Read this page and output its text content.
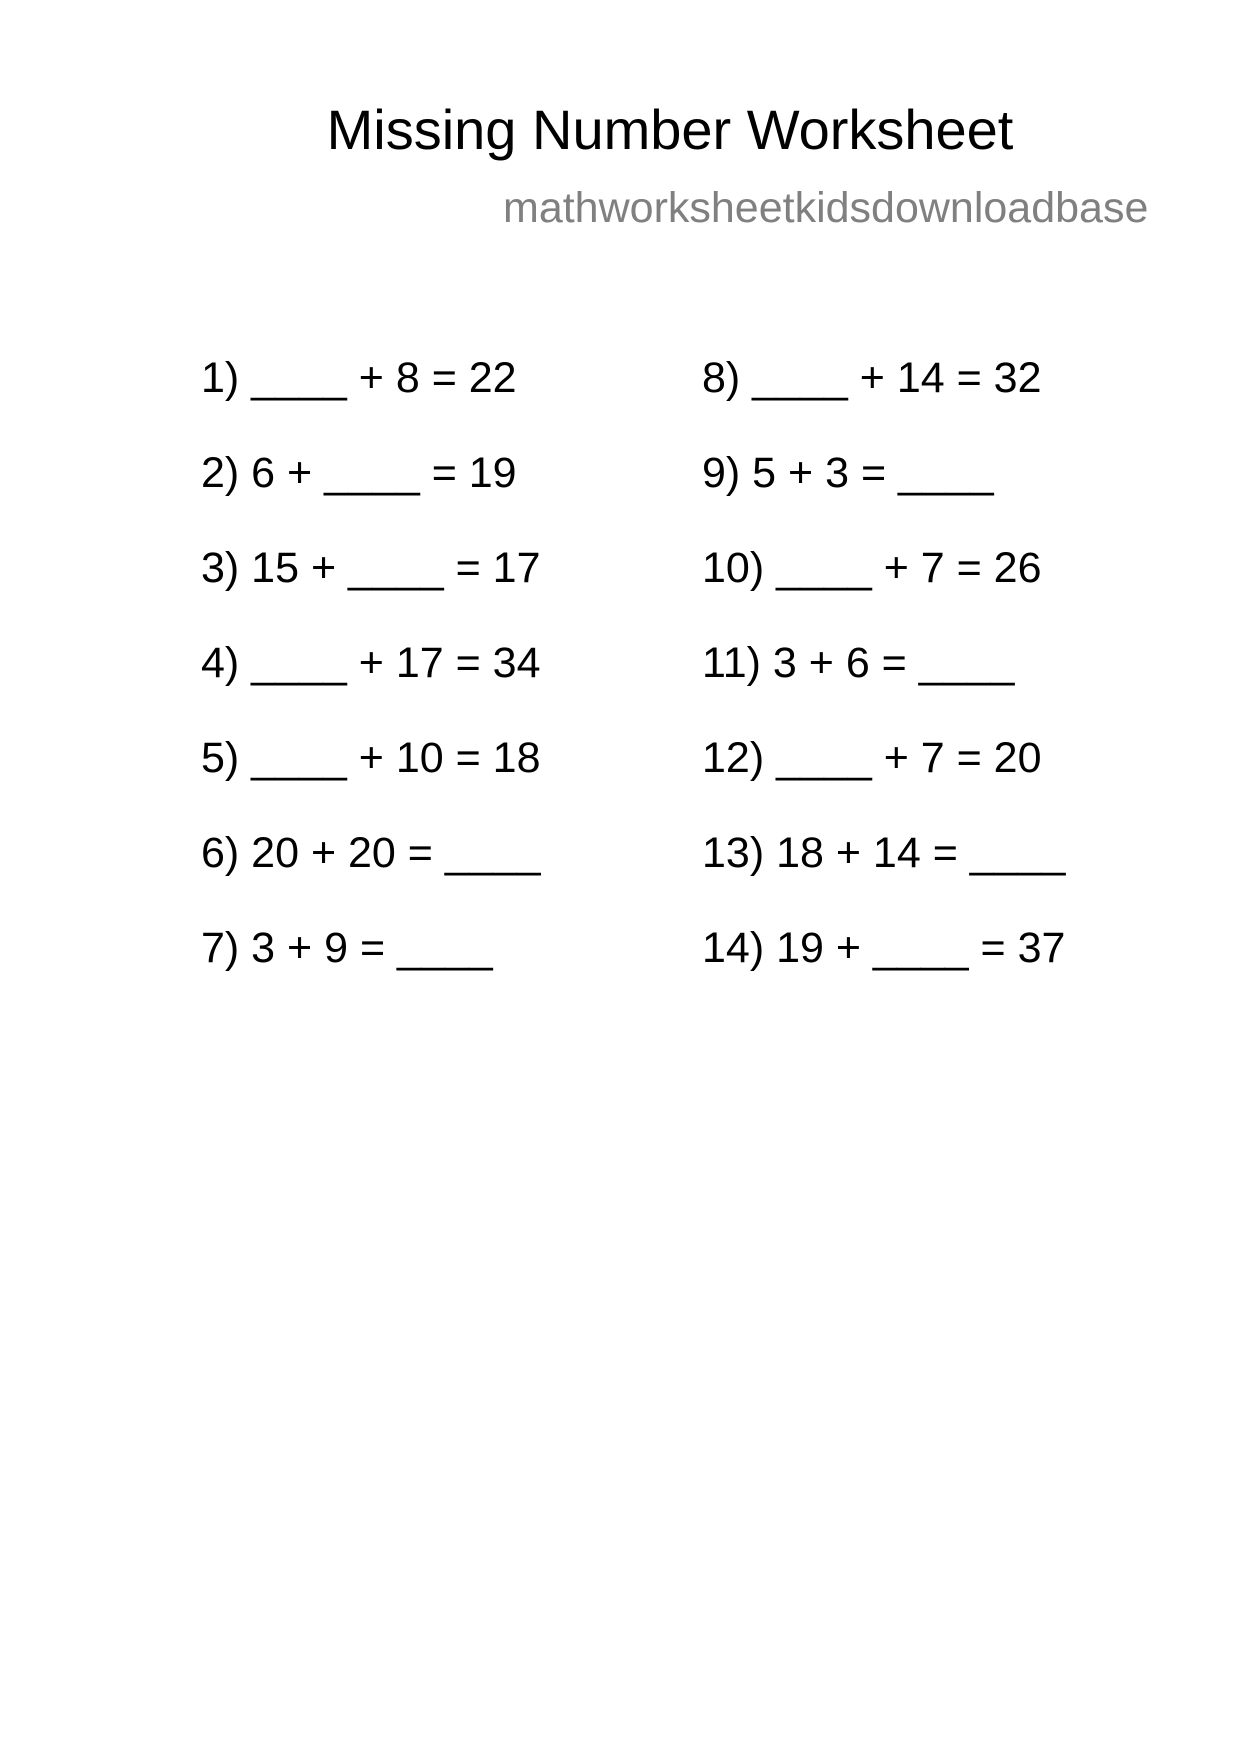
Missing Number Worksheet
mathworksheetkidsdownloadbase
1) ____ + 8 = 22
2) 6 + ____ = 19
3) 15 + ____ = 17
4) ____ + 17 = 34
5) ____ + 10 = 18
6) 20 + 20 = ____
7) 3 + 9 = ____
8) ____ + 14 = 32
9) 5 + 3 = ____
10) ____ + 7 = 26
11) 3 + 6 = ____
12) ____ + 7 = 20
13) 18 + 14 = ____
14) 19 + ____ = 37
